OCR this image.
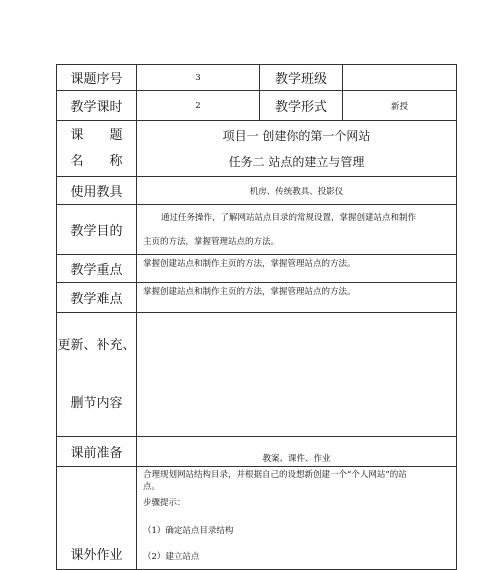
课题序号	3	教学班级	
教学课时	2	教学形式	新授

课　　题
名　　称	项目一 创建你的第一个网站
任务二 站点的建立与管理		

使用教具	机房、传统教具、投影仪		
教学目的	通过任务操作，了解网站站点目录的常规设置，掌握创建站点和制作
主页的方法，掌握管理站点的方法。		

教学重点	掌握创建站点和制作主页的方法，掌握管理站点的方法。		
教学难点	掌握创建站点和制作主页的方法，掌握管理站点的方法。		

更新、补充、
删节内容			

课前准备	教案、课件、作业		
课外作业	合理规划网站结构目录，并根据自己的设想新创建一个“个人网站”的站
点。
步骤提示：
（1）确定站点目录结构
（2）建立站点		
